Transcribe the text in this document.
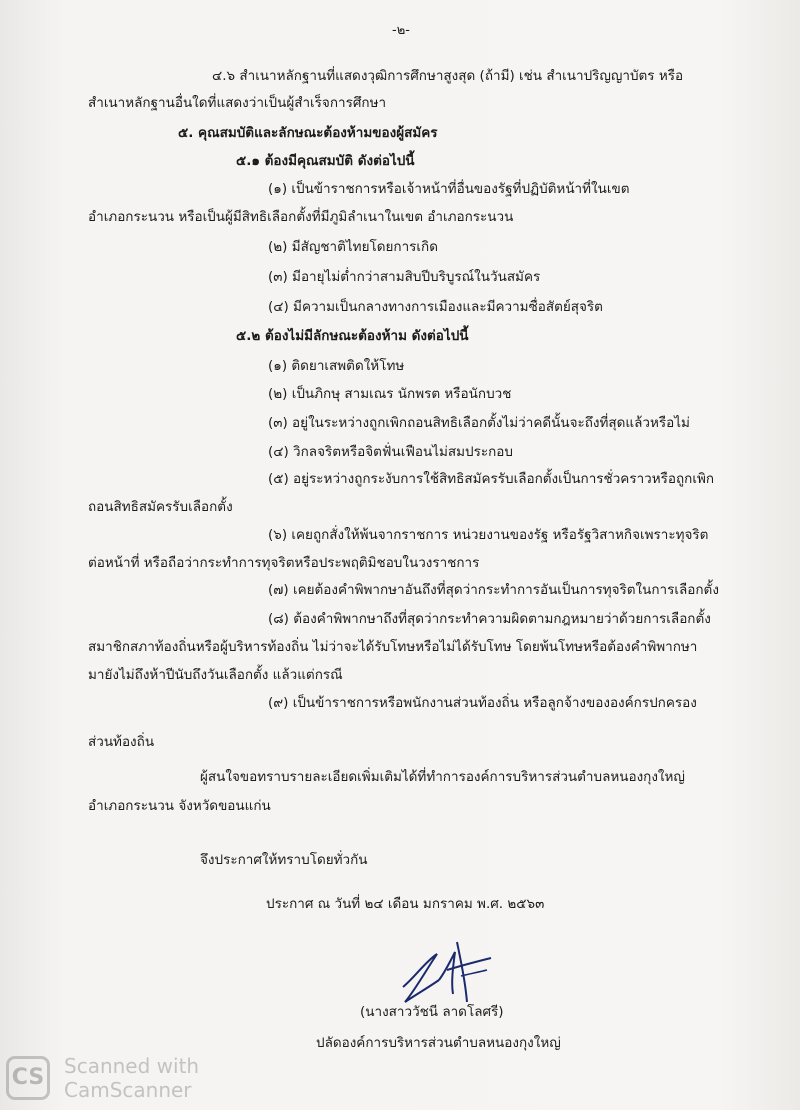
-๒-
๔.๖ สำเนาหลักฐานที่แสดงวุฒิการศึกษาสูงสุด (ถ้ามี) เช่น สำเนาปริญญาบัตร หรือ
สำเนาหลักฐานอื่นใดที่แสดงว่าเป็นผู้สำเร็จการศึกษา
๕. คุณสมบัติและลักษณะต้องห้ามของผู้สมัคร
๕.๑ ต้องมีคุณสมบัติ ดังต่อไปนี้
(๑) เป็นข้าราชการหรือเจ้าหน้าที่อื่นของรัฐที่ปฏิบัติหน้าที่ในเขต
อำเภอกระนวน หรือเป็นผู้มีสิทธิเลือกตั้งที่มีภูมิลำเนาในเขต อำเภอกระนวน
(๒) มีสัญชาติไทยโดยการเกิด
(๓) มีอายุไม่ต่ำกว่าสามสิบปีบริบูรณ์ในวันสมัคร
(๔) มีความเป็นกลางทางการเมืองและมีความซื่อสัตย์สุจริต
๕.๒ ต้องไม่มีลักษณะต้องห้าม ดังต่อไปนี้
(๑) ติดยาเสพติดให้โทษ
(๒) เป็นภิกษุ สามเณร นักพรต หรือนักบวช
(๓) อยู่ในระหว่างถูกเพิกถอนสิทธิเลือกตั้งไม่ว่าคดีนั้นจะถึงที่สุดแล้วหรือไม่
(๔) วิกลจริตหรือจิตฟั่นเฟือนไม่สมประกอบ
(๕) อยู่ระหว่างถูกระงับการใช้สิทธิสมัครรับเลือกตั้งเป็นการชั่วคราวหรือถูกเพิก
ถอนสิทธิสมัครรับเลือกตั้ง
(๖) เคยถูกสั่งให้พ้นจากราชการ หน่วยงานของรัฐ หรือรัฐวิสาหกิจเพราะทุจริต
ต่อหน้าที่ หรือถือว่ากระทำการทุจริตหรือประพฤติมิชอบในวงราชการ
(๗) เคยต้องคำพิพากษาอันถึงที่สุดว่ากระทำการอันเป็นการทุจริตในการเลือกตั้ง
(๘) ต้องคำพิพากษาถึงที่สุดว่ากระทำความผิดตามกฎหมายว่าด้วยการเลือกตั้ง
สมาชิกสภาท้องถิ่นหรือผู้บริหารท้องถิ่น ไม่ว่าจะได้รับโทษหรือไม่ได้รับโทษ โดยพ้นโทษหรือต้องคำพิพากษา
มายังไม่ถึงห้าปีนับถึงวันเลือกตั้ง แล้วแต่กรณี
(๙) เป็นข้าราชการหรือพนักงานส่วนท้องถิ่น หรือลูกจ้างขององค์กรปกครอง
ส่วนท้องถิ่น
ผู้สนใจขอทราบรายละเอียดเพิ่มเติมได้ที่ทำการองค์การบริหารส่วนตำบลหนองกุงใหญ่
อำเภอกระนวน จังหวัดขอนแก่น
จึงประกาศให้ทราบโดยทั่วกัน
ประกาศ ณ วันที่ ๒๔ เดือน มกราคม พ.ศ. ๒๕๖๓
(นางสาววัชนี ลาดโลศรี)
ปลัดองค์การบริหารส่วนตำบลหนองกุงใหญ่
CS Scanned with
CamScanner
